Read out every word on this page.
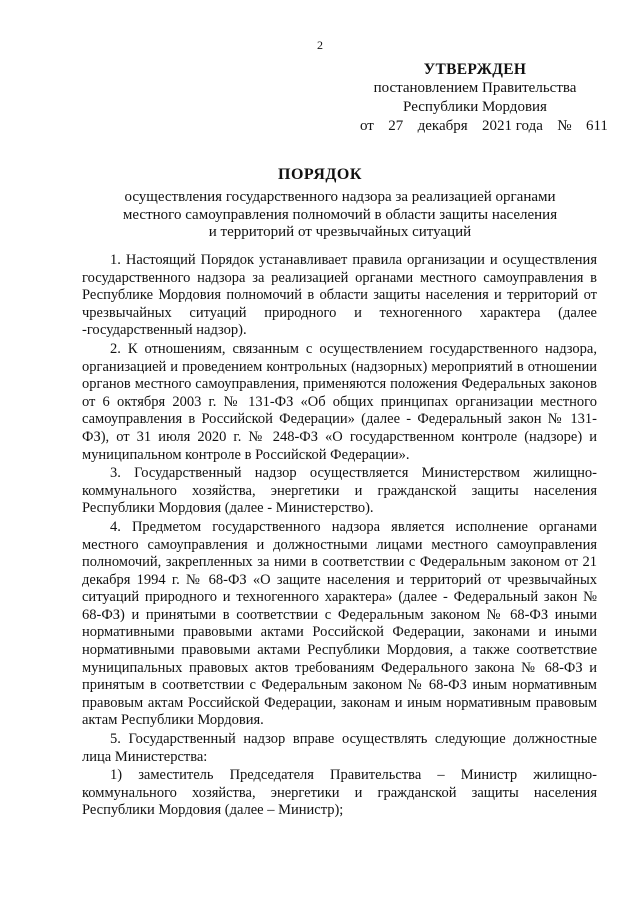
2
УТВЕРЖДЕН
постановлением Правительства
Республики Мордовия
от 27 декабря 2021 года № 611
ПОРЯДОК
осуществления государственного надзора за реализацией органами
местного самоуправления полномочий в области защиты населения
и территорий от чрезвычайных ситуаций

1. Настоящий Порядок устанавливает правила организации и осуществления государственного надзора за реализацией органами местного самоуправления в Республике Мордовия полномочий в области защиты населения и территорий от чрезвычайных ситуаций природного и техногенного характера (далее -государственный надзор).

2. К отношениям, связанным с осуществлением государственного надзора, организацией и проведением контрольных (надзорных) мероприятий в отношении органов местного самоуправления, применяются положения Федеральных законов от 6 октября 2003 г. № 131-ФЗ «Об общих принципах организации местного самоуправления в Российской Федерации» (далее - Федеральный закон № 131-ФЗ), от 31 июля 2020 г. № 248-ФЗ «О государственном контроле (надзоре) и муниципальном контроле в Российской Федерации».

3. Государственный надзор осуществляется Министерством жилищно-коммунального хозяйства, энергетики и гражданской защиты населения Республики Мордовия (далее - Министерство).

4. Предметом государственного надзора является исполнение органами местного самоуправления и должностными лицами местного самоуправления полномочий, закрепленных за ними в соответствии с Федеральным законом от 21 декабря 1994 г. № 68-ФЗ «О защите населения и территорий от чрезвычайных ситуаций природного и техногенного характера» (далее - Федеральный закон № 68-ФЗ) и принятыми в соответствии с Федеральным законом № 68-ФЗ иными нормативными правовыми актами Российской Федерации, законами и иными нормативными правовыми актами Республики Мордовия, а также соответствие муниципальных правовых актов требованиям Федерального закона № 68-ФЗ и принятым в соответствии с Федеральным законом № 68-ФЗ иным нормативным правовым актам Российской Федерации, законам и иным нормативным правовым актам Республики Мордовия.

5. Государственный надзор вправе осуществлять следующие должностные лица Министерства:

1) заместитель Председателя Правительства – Министр жилищно-коммунального хозяйства, энергетики и гражданской защиты населения Республики Мордовия (далее – Министр);
